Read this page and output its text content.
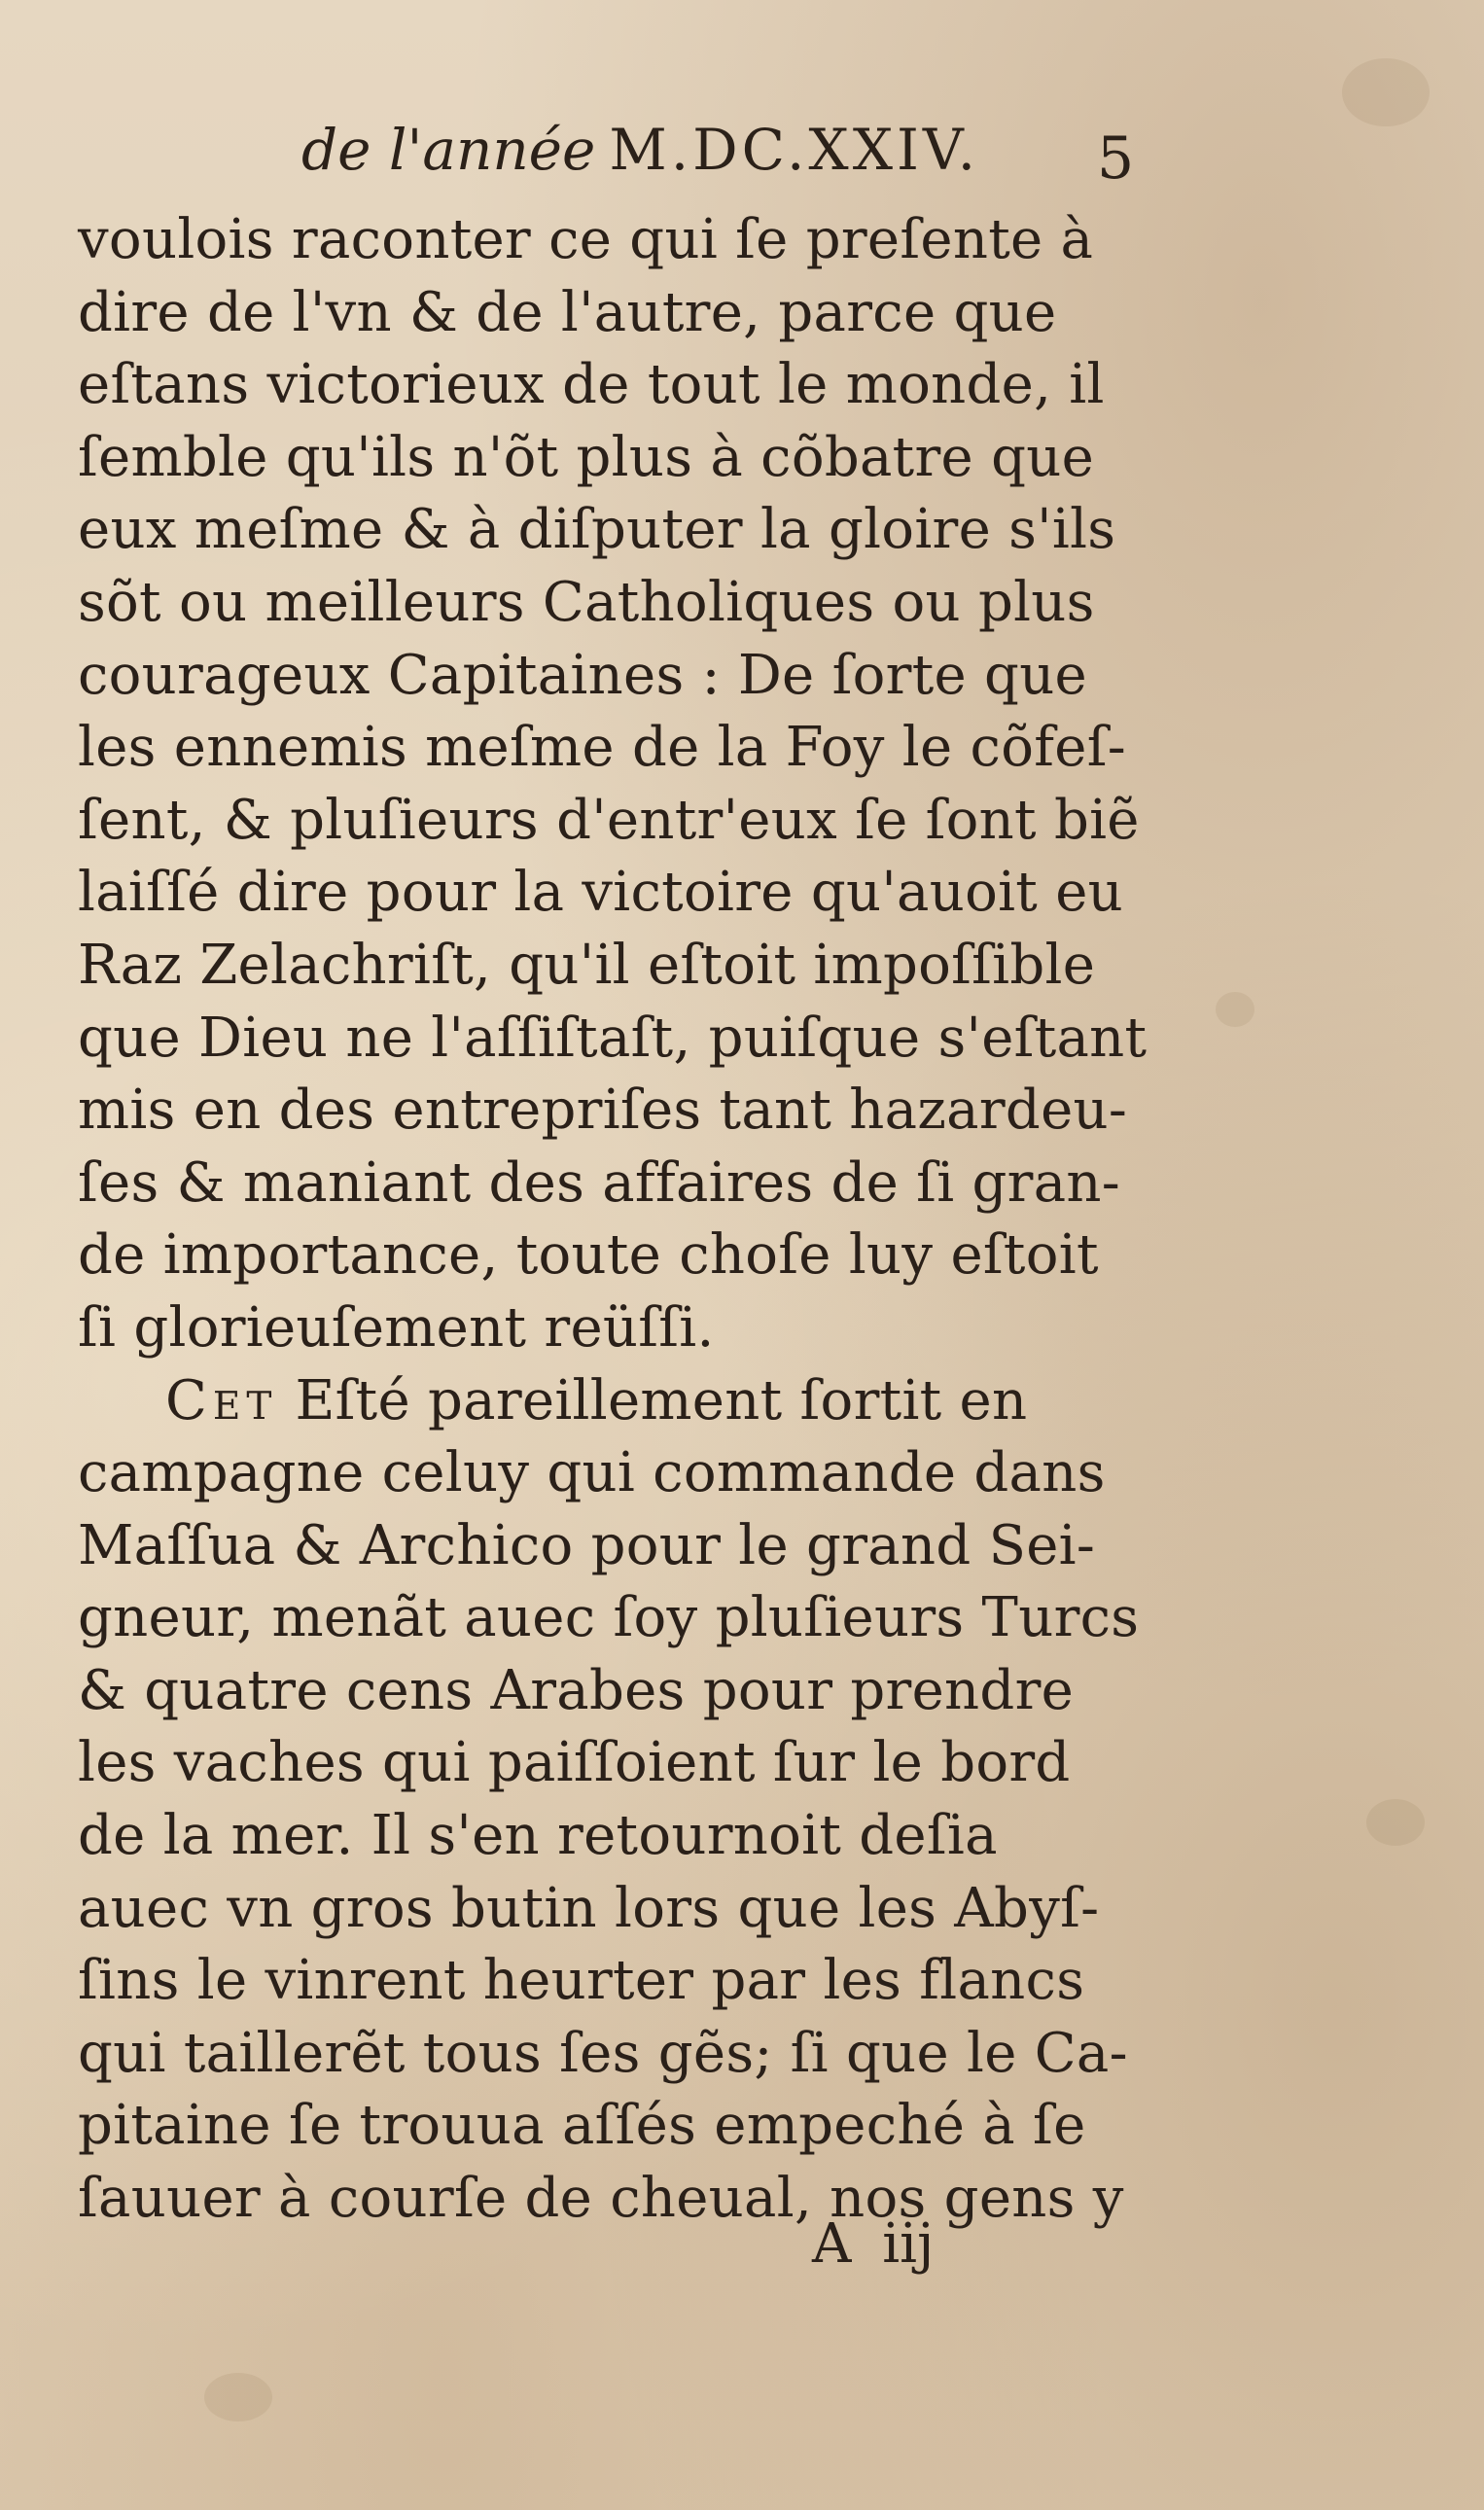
de l'année M.DC.XXIV.	5
voulois raconter ce qui ſe preſente à
dire de l'vn & de l'autre, parce que
eſtans victorieux de tout le monde, il
ſemble qu'ils n'õt plus à cõbatre que
eux meſme & à diſputer la gloire s'ils
sõt ou meilleurs Catholiques ou plus
courageux Capitaines : De ſorte que
les ennemis meſme de la Foy le cõfeſ-
ſent, & pluſieurs d'entr'eux ſe ſont biẽ
laiſſé dire pour la victoire qu'auoit eu
Raz Zelachriſt, qu'il eſtoit impoſſible
que Dieu ne l'aſſiſtaſt, puiſque s'eſtant
mis en des entrepriſes tant hazardeu-
ſes & maniant des affaires de ſi gran-
de importance, toute choſe luy eſtoit
ſi glorieuſement reüſſi.
Cet Eſté pareillement ſortit en
campagne celuy qui commande dans
Maſſua & Archico pour le grand Sei-
gneur, menãt auec ſoy pluſieurs Turcs
& quatre cens Arabes pour prendre
les vaches qui paiſſoient ſur le bord
de la mer. Il s'en retournoit deſia
auec vn gros butin lors que les Abyſ-
ſins le vinrent heurter par les flancs
qui taillerẽt tous ſes gẽs; ſi que le Ca-
pitaine ſe trouua aſſés empeché à ſe
ſauuer à courſe de cheual, nos gens y
A iij
